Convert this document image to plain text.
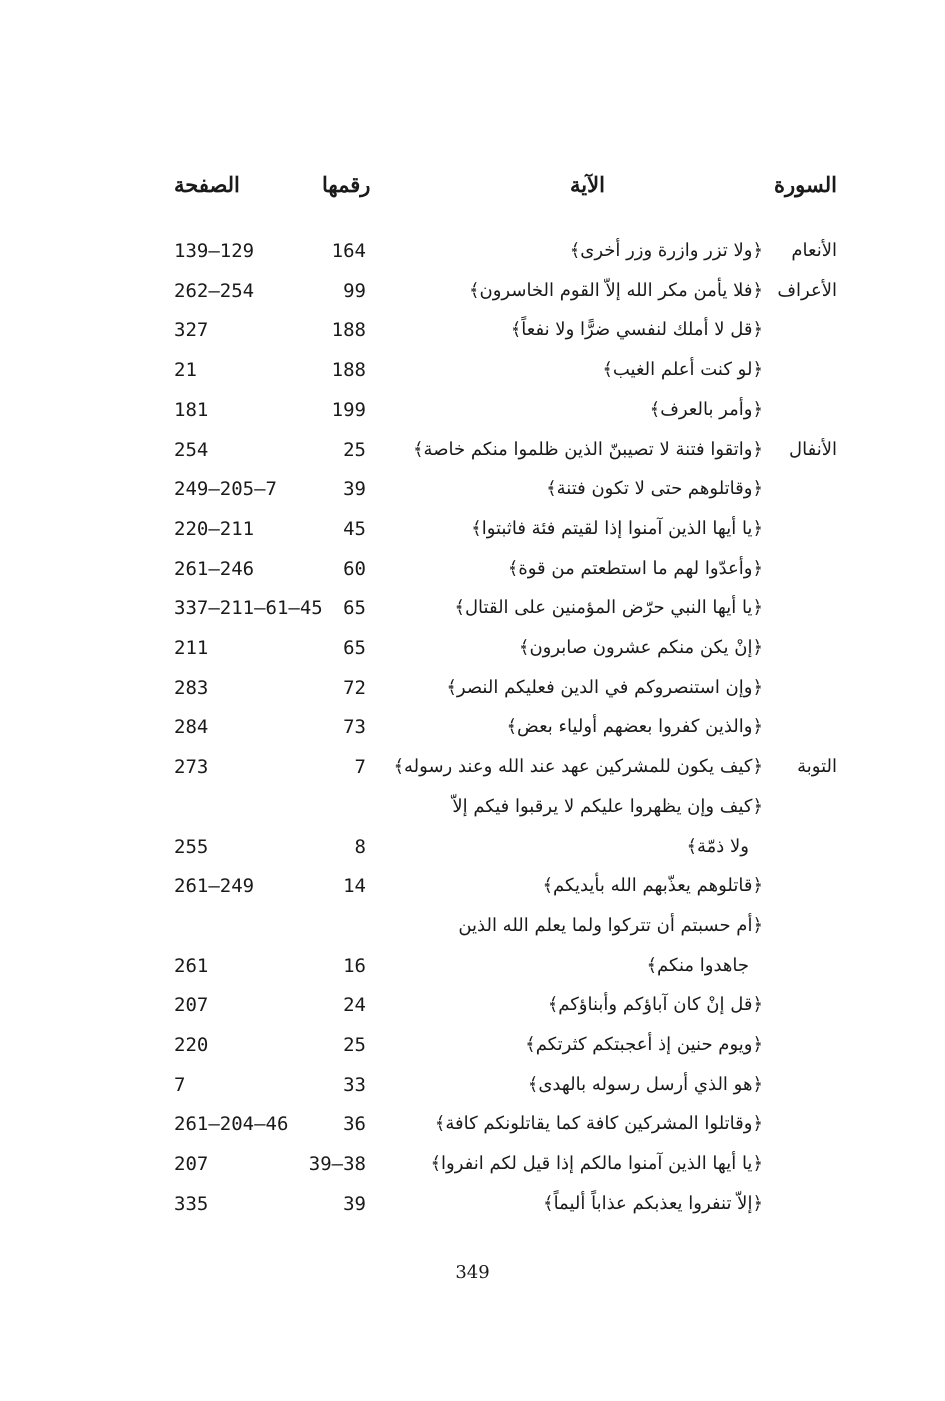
السورة
الآية
رقمها
الصفحة
الأنعام
﴿ولا تزر وازرة وزر أخرى﴾
164
139–129
الأعراف
﴿فلا يأمن مكر الله إلاّ القوم الخاسرون﴾
99
262–254
﴿قل لا أملك لنفسي ضرًّا ولا نفعاً﴾
188
327
﴿لو كنت أعلم الغيب﴾
188
21
﴿وأمر بالعرف﴾
199
181
الأنفال
﴿واتقوا فتنة لا تصيبنّ الذين ظلموا منكم خاصة﴾
25
254
﴿وقاتلوهم حتى لا تكون فتنة﴾
39
249–205–7
﴿يا أيها الذين آمنوا إذا لقيتم فئة فاثبتوا﴾
45
220–211
﴿وأعدّوا لهم ما استطعتم من قوة﴾
60
261–246
﴿يا أيها النبي حرّض المؤمنين على القتال﴾
65
337–211–61–45
﴿إنْ يكن منكم عشرون صابرون﴾
65
211
﴿وإن استنصروكم في الدين فعليكم النصر﴾
72
283
﴿والذين كفروا بعضهم أولياء بعض﴾
73
284
التوبة
﴿كيف يكون للمشركين عهد عند الله وعند رسوله﴾
7
273
﴿كيف وإن يظهروا عليكم لا يرقبوا فيكم إلاّ
ولا ذمّة﴾
8
255
﴿قاتلوهم يعذّبهم الله بأيديكم﴾
14
261–249
﴿أم حسبتم أن تتركوا ولما يعلم الله الذين
جاهدوا منكم﴾
16
261
﴿قل إنْ كان آباؤكم وأبناؤكم﴾
24
207
﴿ويوم حنين إذ أعجبتكم كثرتكم﴾
25
220
﴿هو الذي أرسل رسوله بالهدى﴾
33
7
﴿وقاتلوا المشركين كافة كما يقاتلونكم كافة﴾
36
261–204–46
﴿يا أيها الذين آمنوا مالكم إذا قيل لكم انفروا﴾
39–38
207
﴿إلاّ تنفروا يعذبكم عذاباً أليماً﴾
39
335
349
